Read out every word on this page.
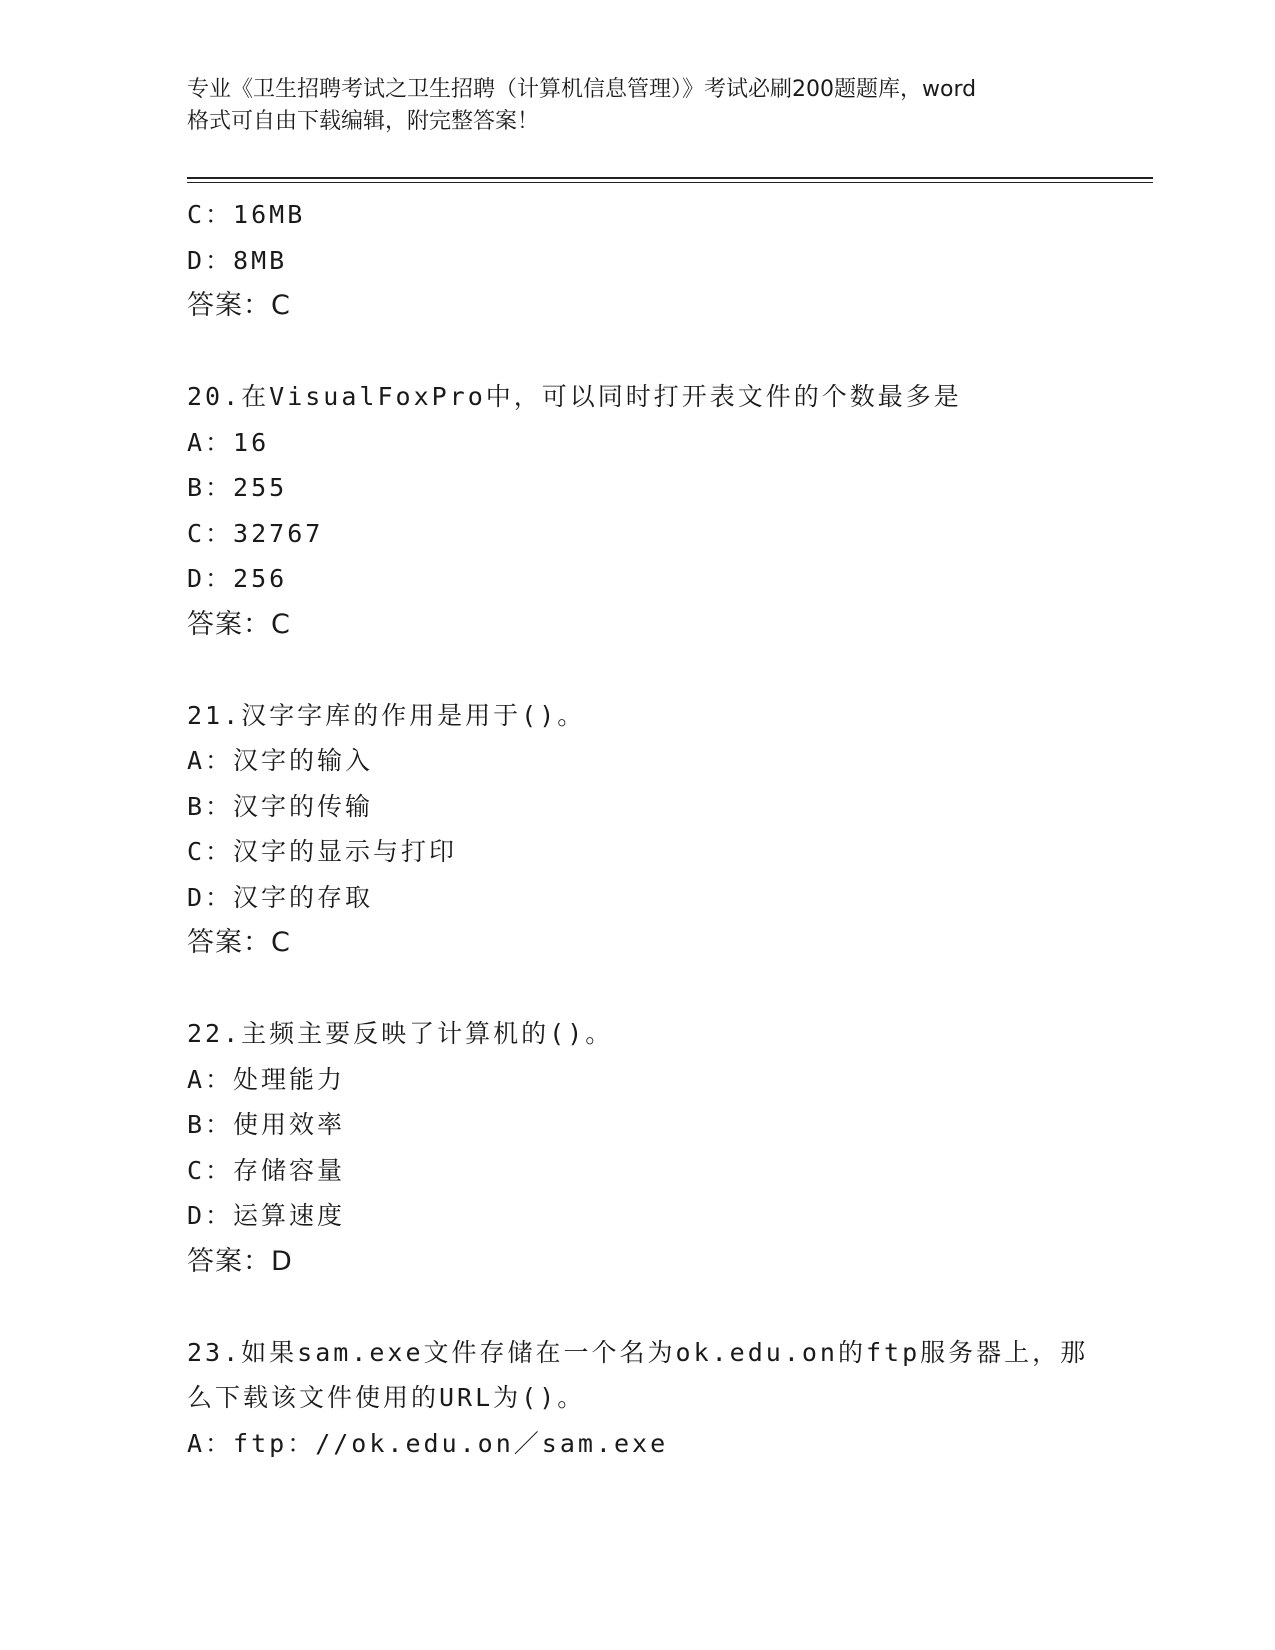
专业《卫生招聘考试之卫生招聘（计算机信息管理）》考试必刷200题题库，word
格式可自由下载编辑，附完整答案！
C：16MB
D：8MB
答案：C
20.在VisualFoxPro中，可以同时打开表文件的个数最多是
A：16
B：255
C：32767
D：256
答案：C
21.汉字字库的作用是用于()。
A：汉字的输入
B：汉字的传输
C：汉字的显示与打印
D：汉字的存取
答案：C
22.主频主要反映了计算机的()。
A：处理能力
B：使用效率
C：存储容量
D：运算速度
答案：D
23.如果sam.exe文件存储在一个名为ok.edu.on的ftp服务器上，那
么下载该文件使用的URL为()。
A：ftp：//ok.edu.on／sam.exe
